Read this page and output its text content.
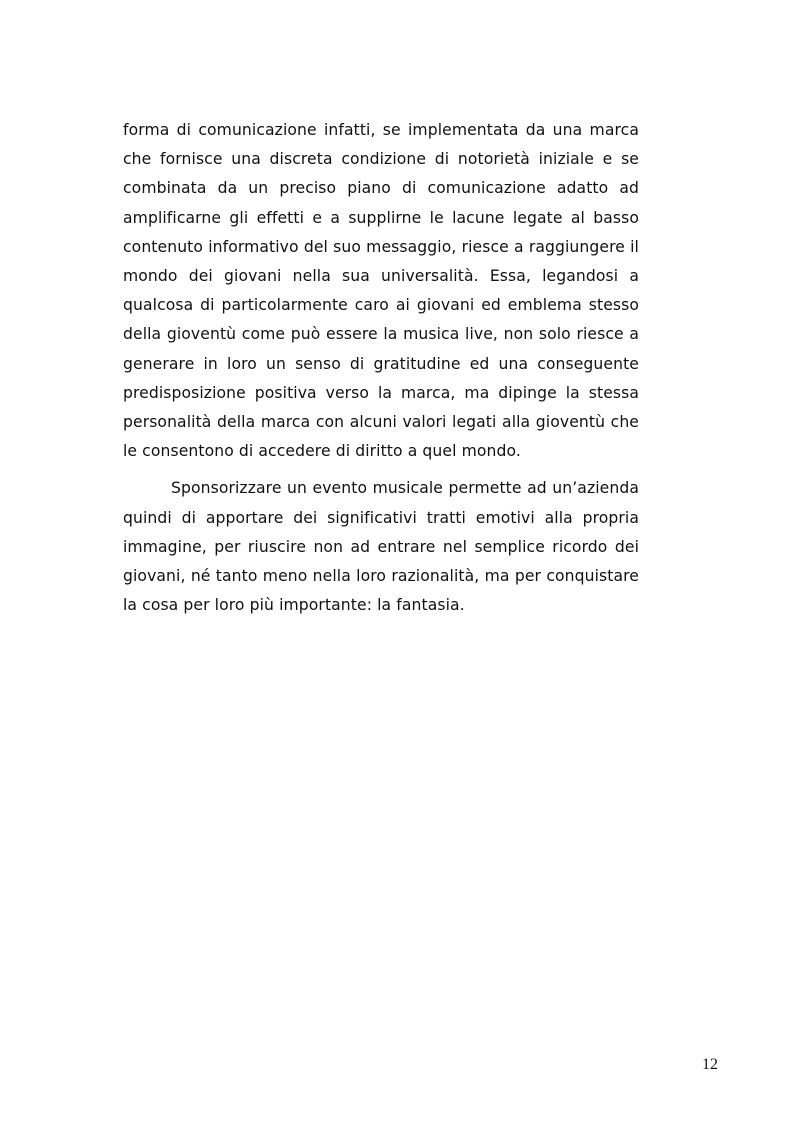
forma di comunicazione infatti, se implementata da una marca che fornisce una discreta condizione di notorietà iniziale e se combinata da un preciso piano di comunicazione adatto ad amplificarne gli effetti e a supplirne le lacune legate al basso contenuto informativo del suo messaggio, riesce a raggiungere il mondo dei giovani nella sua universalità. Essa, legandosi a qualcosa di particolarmente caro ai giovani ed emblema stesso della gioventù come può essere la musica live, non solo riesce a generare in loro un senso di gratitudine ed una conseguente predisposizione positiva verso la marca, ma dipinge la stessa personalità della marca con alcuni valori legati alla gioventù che le consentono di accedere di diritto a quel mondo.

Sponsorizzare un evento musicale permette ad un’azienda quindi di apportare dei significativi tratti emotivi alla propria immagine, per riuscire non ad entrare nel semplice ricordo dei giovani, né tanto meno nella loro razionalità, ma per conquistare la cosa per loro più importante: la fantasia.

12
